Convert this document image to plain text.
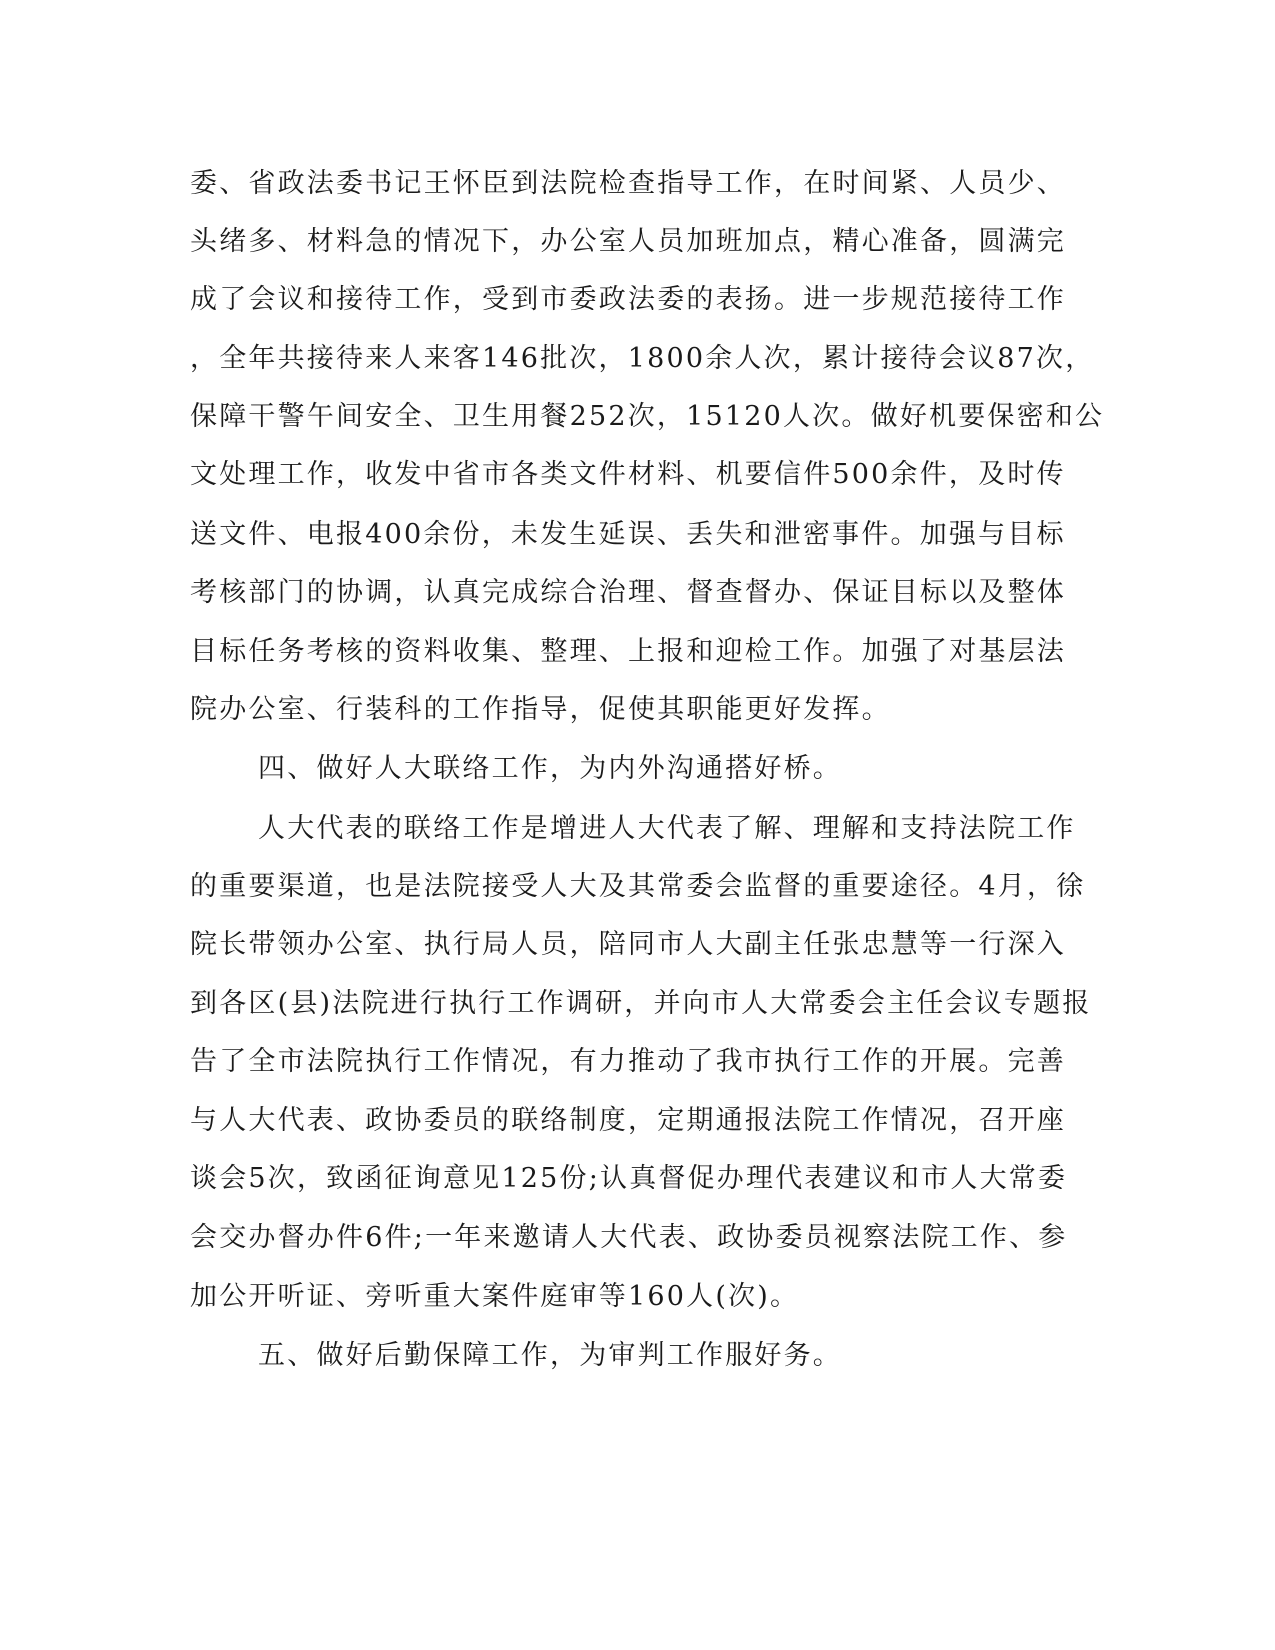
委、省政法委书记王怀臣到法院检查指导工作，在时间紧、人员少、
头绪多、材料急的情况下，办公室人员加班加点，精心准备，圆满完
成了会议和接待工作，受到市委政法委的表扬。进一步规范接待工作
，全年共接待来人来客146批次，1800余人次，累计接待会议87次，
保障干警午间安全、卫生用餐252次，15120人次。做好机要保密和公
文处理工作，收发中省市各类文件材料、机要信件500余件，及时传
送文件、电报400余份，未发生延误、丢失和泄密事件。加强与目标
考核部门的协调，认真完成综合治理、督查督办、保证目标以及整体
目标任务考核的资料收集、整理、上报和迎检工作。加强了对基层法
院办公室、行装科的工作指导，促使其职能更好发挥。
四、做好人大联络工作，为内外沟通搭好桥。
人大代表的联络工作是增进人大代表了解、理解和支持法院工作
的重要渠道，也是法院接受人大及其常委会监督的重要途径。4月，徐
院长带领办公室、执行局人员，陪同市人大副主任张忠慧等一行深入
到各区(县)法院进行执行工作调研，并向市人大常委会主任会议专题报
告了全市法院执行工作情况，有力推动了我市执行工作的开展。完善
与人大代表、政协委员的联络制度，定期通报法院工作情况，召开座
谈会5次，致函征询意见125份;认真督促办理代表建议和市人大常委
会交办督办件6件;一年来邀请人大代表、政协委员视察法院工作、参
加公开听证、旁听重大案件庭审等160人(次)。
五、做好后勤保障工作，为审判工作服好务。
